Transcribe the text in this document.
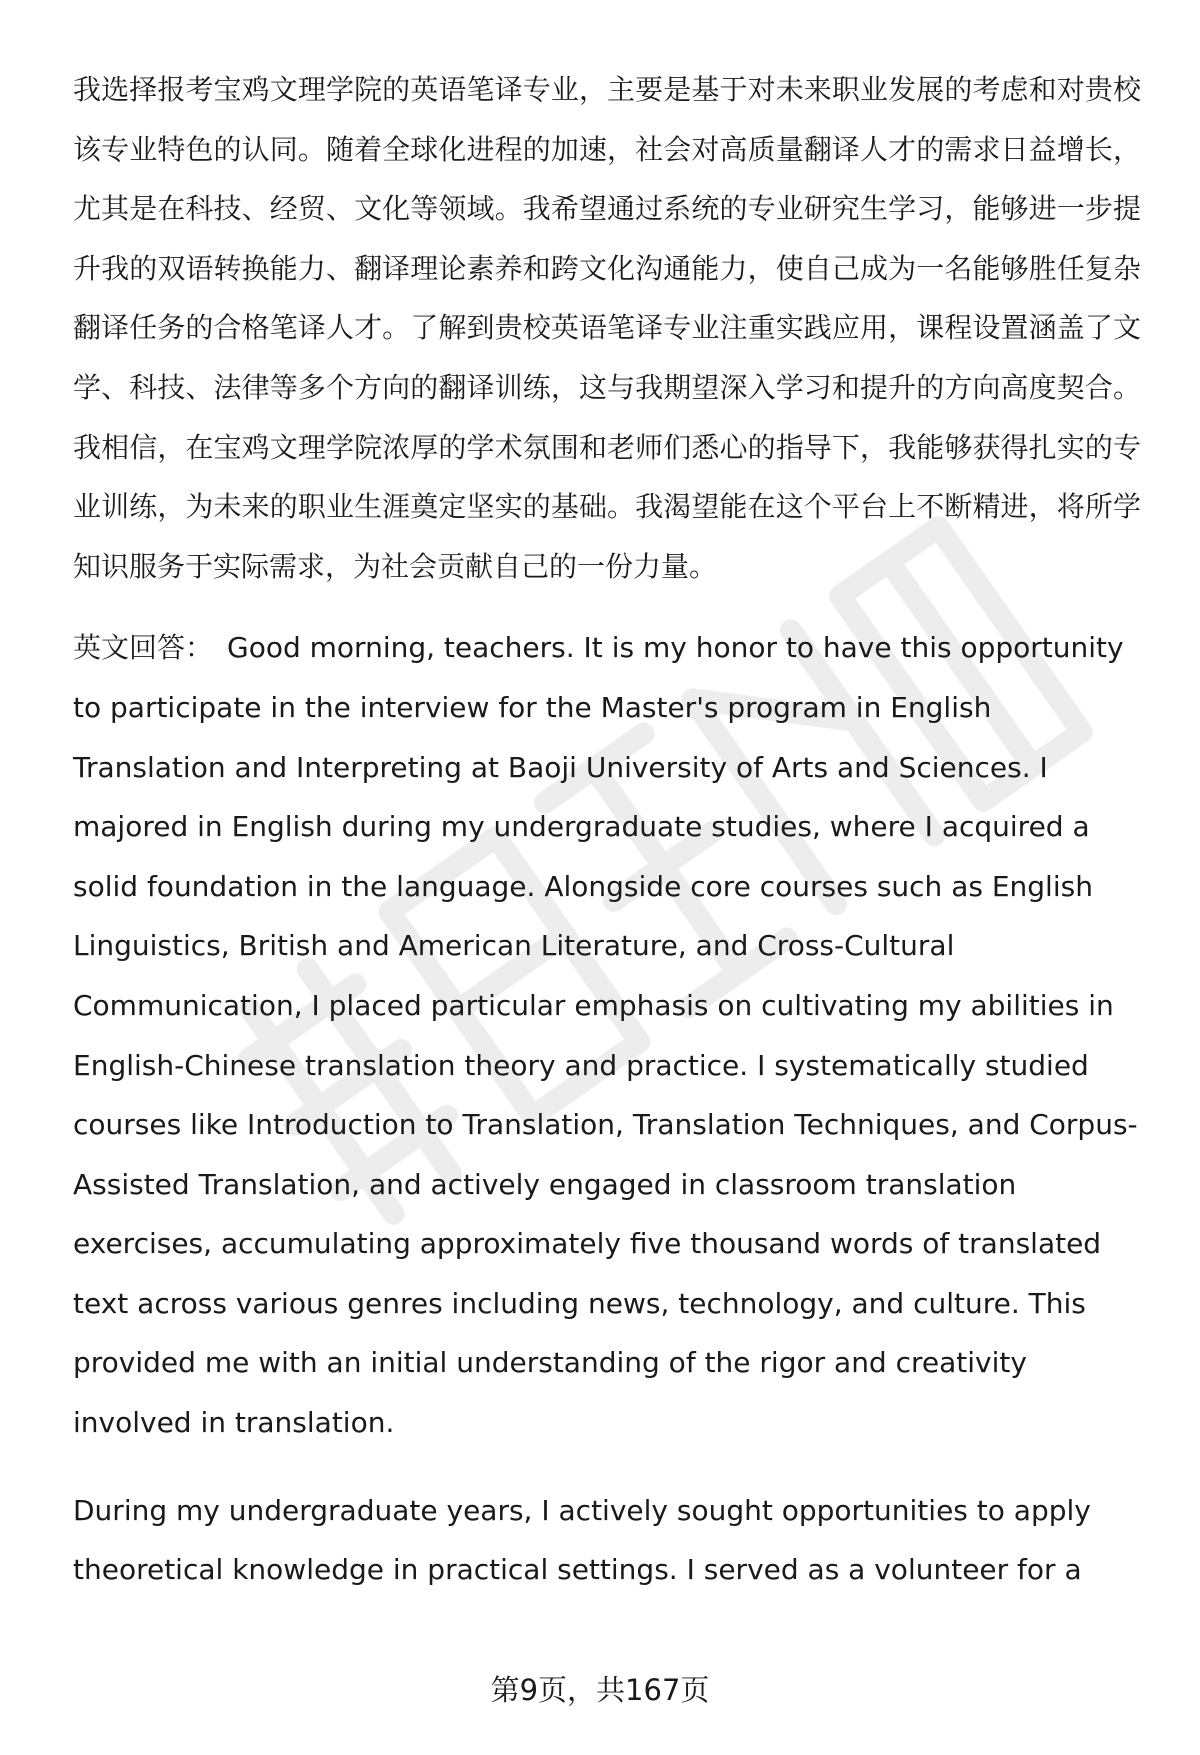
我选择报考宝鸡文理学院的英语笔译专业，主要是基于对未来职业发展的考虑和对贵校该专业特色的认同。随着全球化进程的加速，社会对高质量翻译人才的需求日益增长，尤其是在科技、经贸、文化等领域。我希望通过系统的专业研究生学习，能够进一步提升我的双语转换能力、翻译理论素养和跨文化沟通能力，使自己成为一名能够胜任复杂翻译任务的合格笔译人才。了解到贵校英语笔译专业注重实践应用，课程设置涵盖了文学、科技、法律等多个方向的翻译训练，这与我期望深入学习和提升的方向高度契合。我相信，在宝鸡文理学院浓厚的学术氛围和老师们悉心的指导下，我能够获得扎实的专业训练，为未来的职业生涯奠定坚实的基础。我渴望能在这个平台上不断精进，将所学知识服务于实际需求，为社会贡献自己的一份力量。

英文回答： Good morning, teachers. It is my honor to have this opportunity to participate in the interview for the Master's program in English Translation and Interpreting at Baoji University of Arts and Sciences. I majored in English during my undergraduate studies, where I acquired a solid foundation in the language. Alongside core courses such as English Linguistics, British and American Literature, and Cross-Cultural Communication, I placed particular emphasis on cultivating my abilities in English-Chinese translation theory and practice. I systematically studied courses like Introduction to Translation, Translation Techniques, and Corpus-Assisted Translation, and actively engaged in classroom translation exercises, accumulating approximately five thousand words of translated text across various genres including news, technology, and culture. This provided me with an initial understanding of the rigor and creativity involved in translation.

During my undergraduate years, I actively sought opportunities to apply theoretical knowledge in practical settings. I served as a volunteer for a

第9页，共167页
